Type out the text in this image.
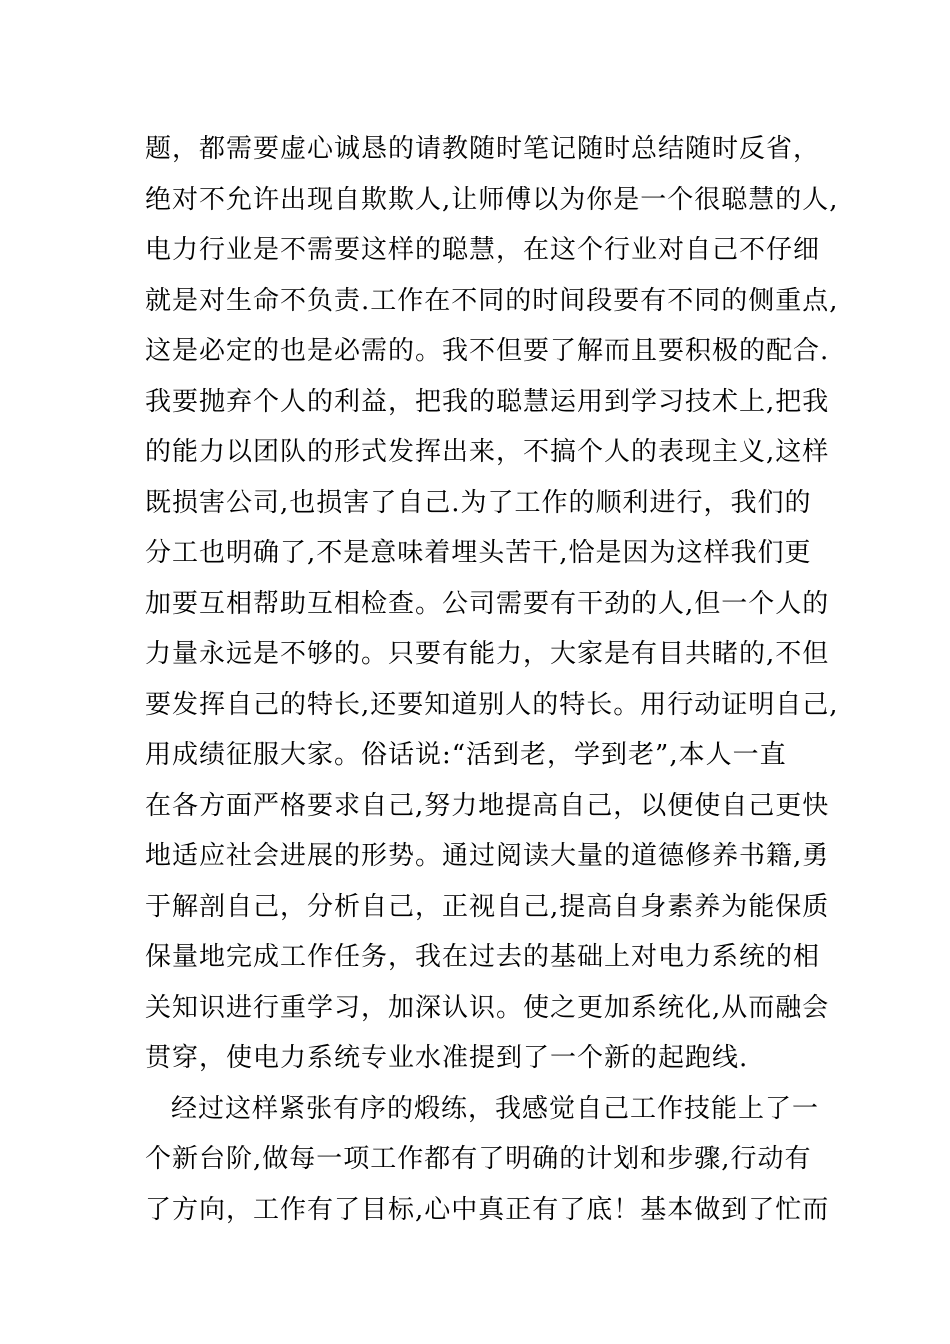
题，都需要虚心诚恳的请教随时笔记随时总结随时反省，
绝对不允许出现自欺欺人,让师傅以为你是一个很聪慧的人,
电力行业是不需要这样的聪慧，在这个行业对自己不仔细
就是对生命不负责.工作在不同的时间段要有不同的侧重点,
这是必定的也是必需的。我不但要了解而且要积极的配合.
我要抛弃个人的利益，把我的聪慧运用到学习技术上,把我
的能力以团队的形式发挥出来，不搞个人的表现主义,这样
既损害公司,也损害了自己.为了工作的顺利进行，我们的
分工也明确了,不是意味着埋头苦干,恰是因为这样我们更
加要互相帮助互相检查。公司需要有干劲的人,但一个人的
力量永远是不够的。只要有能力，大家是有目共睹的,不但
要发挥自己的特长,还要知道别人的特长。用行动证明自己,
用成绩征服大家。俗话说:“活到老，学到老”,本人一直
在各方面严格要求自己,努力地提高自己，以便使自己更快
地适应社会进展的形势。通过阅读大量的道德修养书籍,勇
于解剖自己，分析自己，正视自己,提高自身素养为能保质
保量地完成工作任务，我在过去的基础上对电力系统的相
关知识进行重学习，加深认识。使之更加系统化,从而融会
贯穿，使电力系统专业水准提到了一个新的起跑线.
经过这样紧张有序的煅练，我感觉自己工作技能上了一
个新台阶,做每一项工作都有了明确的计划和步骤,行动有
了方向，工作有了目标,心中真正有了底！基本做到了忙而
